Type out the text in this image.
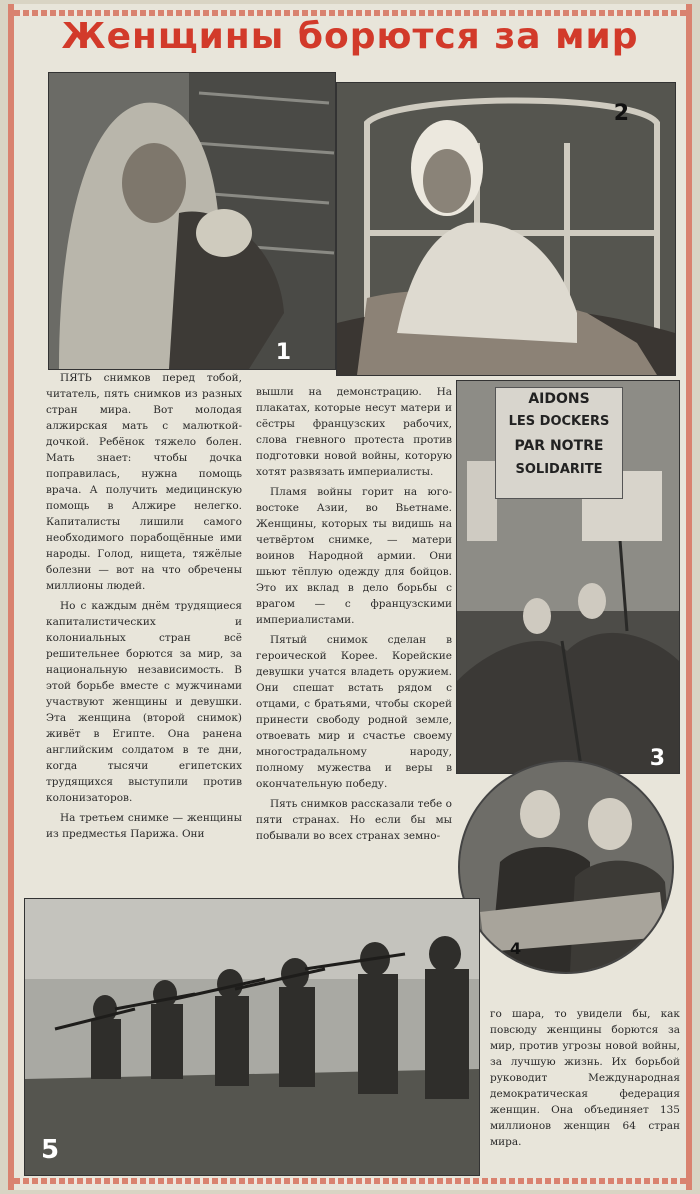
Женщины борются за мир
1
2
AIDONS
LES DOCKERS
PAR NOTRE
SOLIDARITE
3
4
5

ПЯТЬ снимков перед тобой, читатель, пять снимков из разных стран мира. Вот молодая алжирская мать с малюткой-дочкой. Ребёнок тяжело болен. Мать знает: чтобы дочка поправилась, нужна помощь врача. А получить медицинскую помощь в Алжире нелегко. Капиталисты лишили самого необходимого порабощённые ими народы. Голод, нищета, тяжёлые болезни — вот на что обречены миллионы людей.

Но с каждым днём трудящиеся капиталистических и колониальных стран всё решительнее борются за мир, за национальную независимость. В этой борьбе вместе с мужчинами участвуют женщины и девушки. Эта женщина (второй снимок) живёт в Египте. Она ранена английским солдатом в те дни, когда тысячи египетских трудящихся выступили против колонизаторов.

На третьем снимке — женщины из предместья Парижа. Они

вышли на демонстрацию. На плакатах, которые несут матери и сёстры французских рабочих, слова гневного протеста против подготовки новой войны, которую хотят развязать империалисты.

Пламя войны горит на юго-востоке Азии, во Вьетнаме. Женщины, которых ты видишь на четвёртом снимке, — матери воинов Народной армии. Они шьют тёплую одежду для бойцов. Это их вклад в дело борьбы с врагом — с французскими империалистами.

Пятый снимок сделан в героической Корее. Корейские девушки учатся владеть оружием. Они спешат встать рядом с отцами, с братьями, чтобы скорей принести свободу родной земле, отвоевать мир и счастье своему многострадальному народу, полному мужества и веры в окончательную победу.

Пять снимков рассказали тебе о пяти странах. Но если бы мы побывали во всех странах земно-

го шара, то увидели бы, как повсюду женщины борются за мир, против угрозы новой войны, за лучшую жизнь. Их борьбой руководит Международная демократическая федерация женщин. Она объединяет 135 миллионов женщин 64 стран мира.
